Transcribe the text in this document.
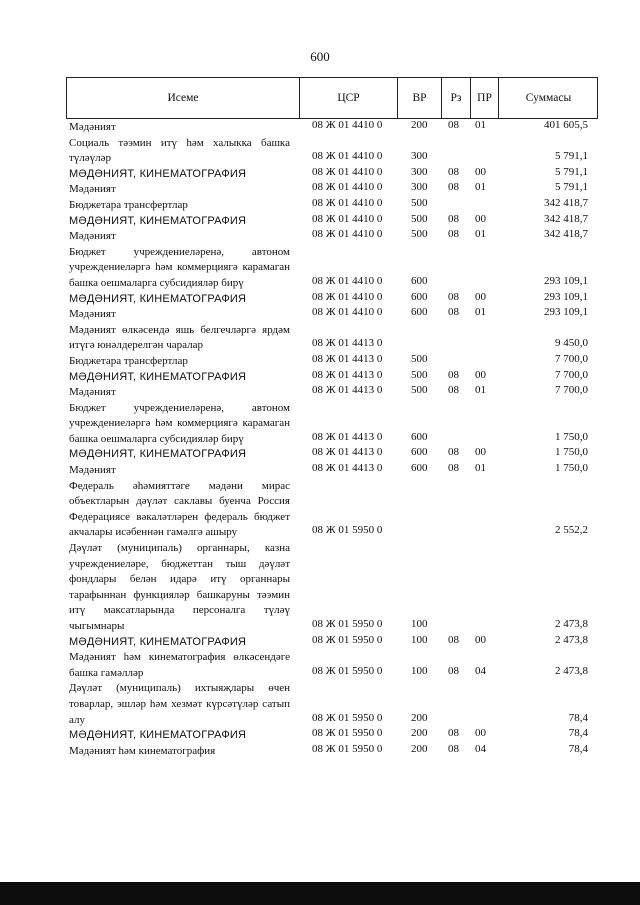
600
Исеме	ЦСР	ВР	Рз	ПР	Суммасы
Мәдәният	08 Ж 01 4410 0	200 08 01	401 605,5
Социаль тәэмин итү һәм халыкка башка түләүләр	08 Ж 01 4410 0	300	5 791,1
МӘДӘНИЯТ, КИНЕМАТОГРАФИЯ	08 Ж 01 4410 0	300 08 00	5 791,1
Мәдәният	08 Ж 01 4410 0	300 08 01	5 791,1
Бюджетара трансфертлар	08 Ж 01 4410 0	500	342 418,7
МӘДӘНИЯТ, КИНЕМАТОГРАФИЯ	08 Ж 01 4410 0	500 08 00	342 418,7
Мәдәният	08 Ж 01 4410 0	500 08 01	342 418,7
Бюджет учреждениеләренә, автоном учреждениеләргә һәм коммерциягә карамаган башка оешмаларга субсидияләр бирү	08 Ж 01 4410 0	600	293 109,1
МӘДӘНИЯТ, КИНЕМАТОГРАФИЯ	08 Ж 01 4410 0	600 08 00	293 109,1
Мәдәният	08 Ж 01 4410 0	600 08 01	293 109,1
Мәдәният өлкәсендә яшь белгечләргә ярдәм итүгә юнәлдерелгән чаралар	08 Ж 01 4413 0	9 450,0
Бюджетара трансфертлар	08 Ж 01 4413 0	500	7 700,0
МӘДӘНИЯТ, КИНЕМАТОГРАФИЯ	08 Ж 01 4413 0	500 08 00	7 700,0
Мәдәният	08 Ж 01 4413 0	500 08 01	7 700,0
Бюджет учреждениеләренә, автоном учреждениеләргә һәм коммерциягә карамаган башка оешмаларга субсидияләр бирү	08 Ж 01 4413 0	600	1 750,0
МӘДӘНИЯТ, КИНЕМАТОГРАФИЯ	08 Ж 01 4413 0	600 08 00	1 750,0
Мәдәният	08 Ж 01 4413 0	600 08 01	1 750,0
Федераль әһәмияттәге мәдәни мирас объектларын дәүләт саклавы буенча Россия Федерациясе вәкаләтләрен федераль бюджет акчалары исәбеннән гамәлгә ашыру	08 Ж 01 5950 0	2 552,2
Дәүләт (муниципаль) органнары, казна учреждениеләре, бюджеттан тыш дәүләт фондлары белән идарә итү органнары тарафыннан функцияләр башкаруны тәэмин итү максатларында персоналга түләү чыгымнары	08 Ж 01 5950 0	100	2 473,8
МӘДӘНИЯТ, КИНЕМАТОГРАФИЯ	08 Ж 01 5950 0	100 08 00	2 473,8
Мәдәният һәм кинематография өлкәсендәге башка гамәлләр	08 Ж 01 5950 0	100 08 04	2 473,8
Дәүләт (муниципаль) ихтыяҗлары өчен товарлар, эшләр һәм хезмәт күрсәтүләр сатып алу	08 Ж 01 5950 0	200	78,4
МӘДӘНИЯТ, КИНЕМАТОГРАФИЯ	08 Ж 01 5950 0	200 08 00	78,4
Мәдәният һәм кинематография	08 Ж 01 5950 0	200 08 04	78,4
